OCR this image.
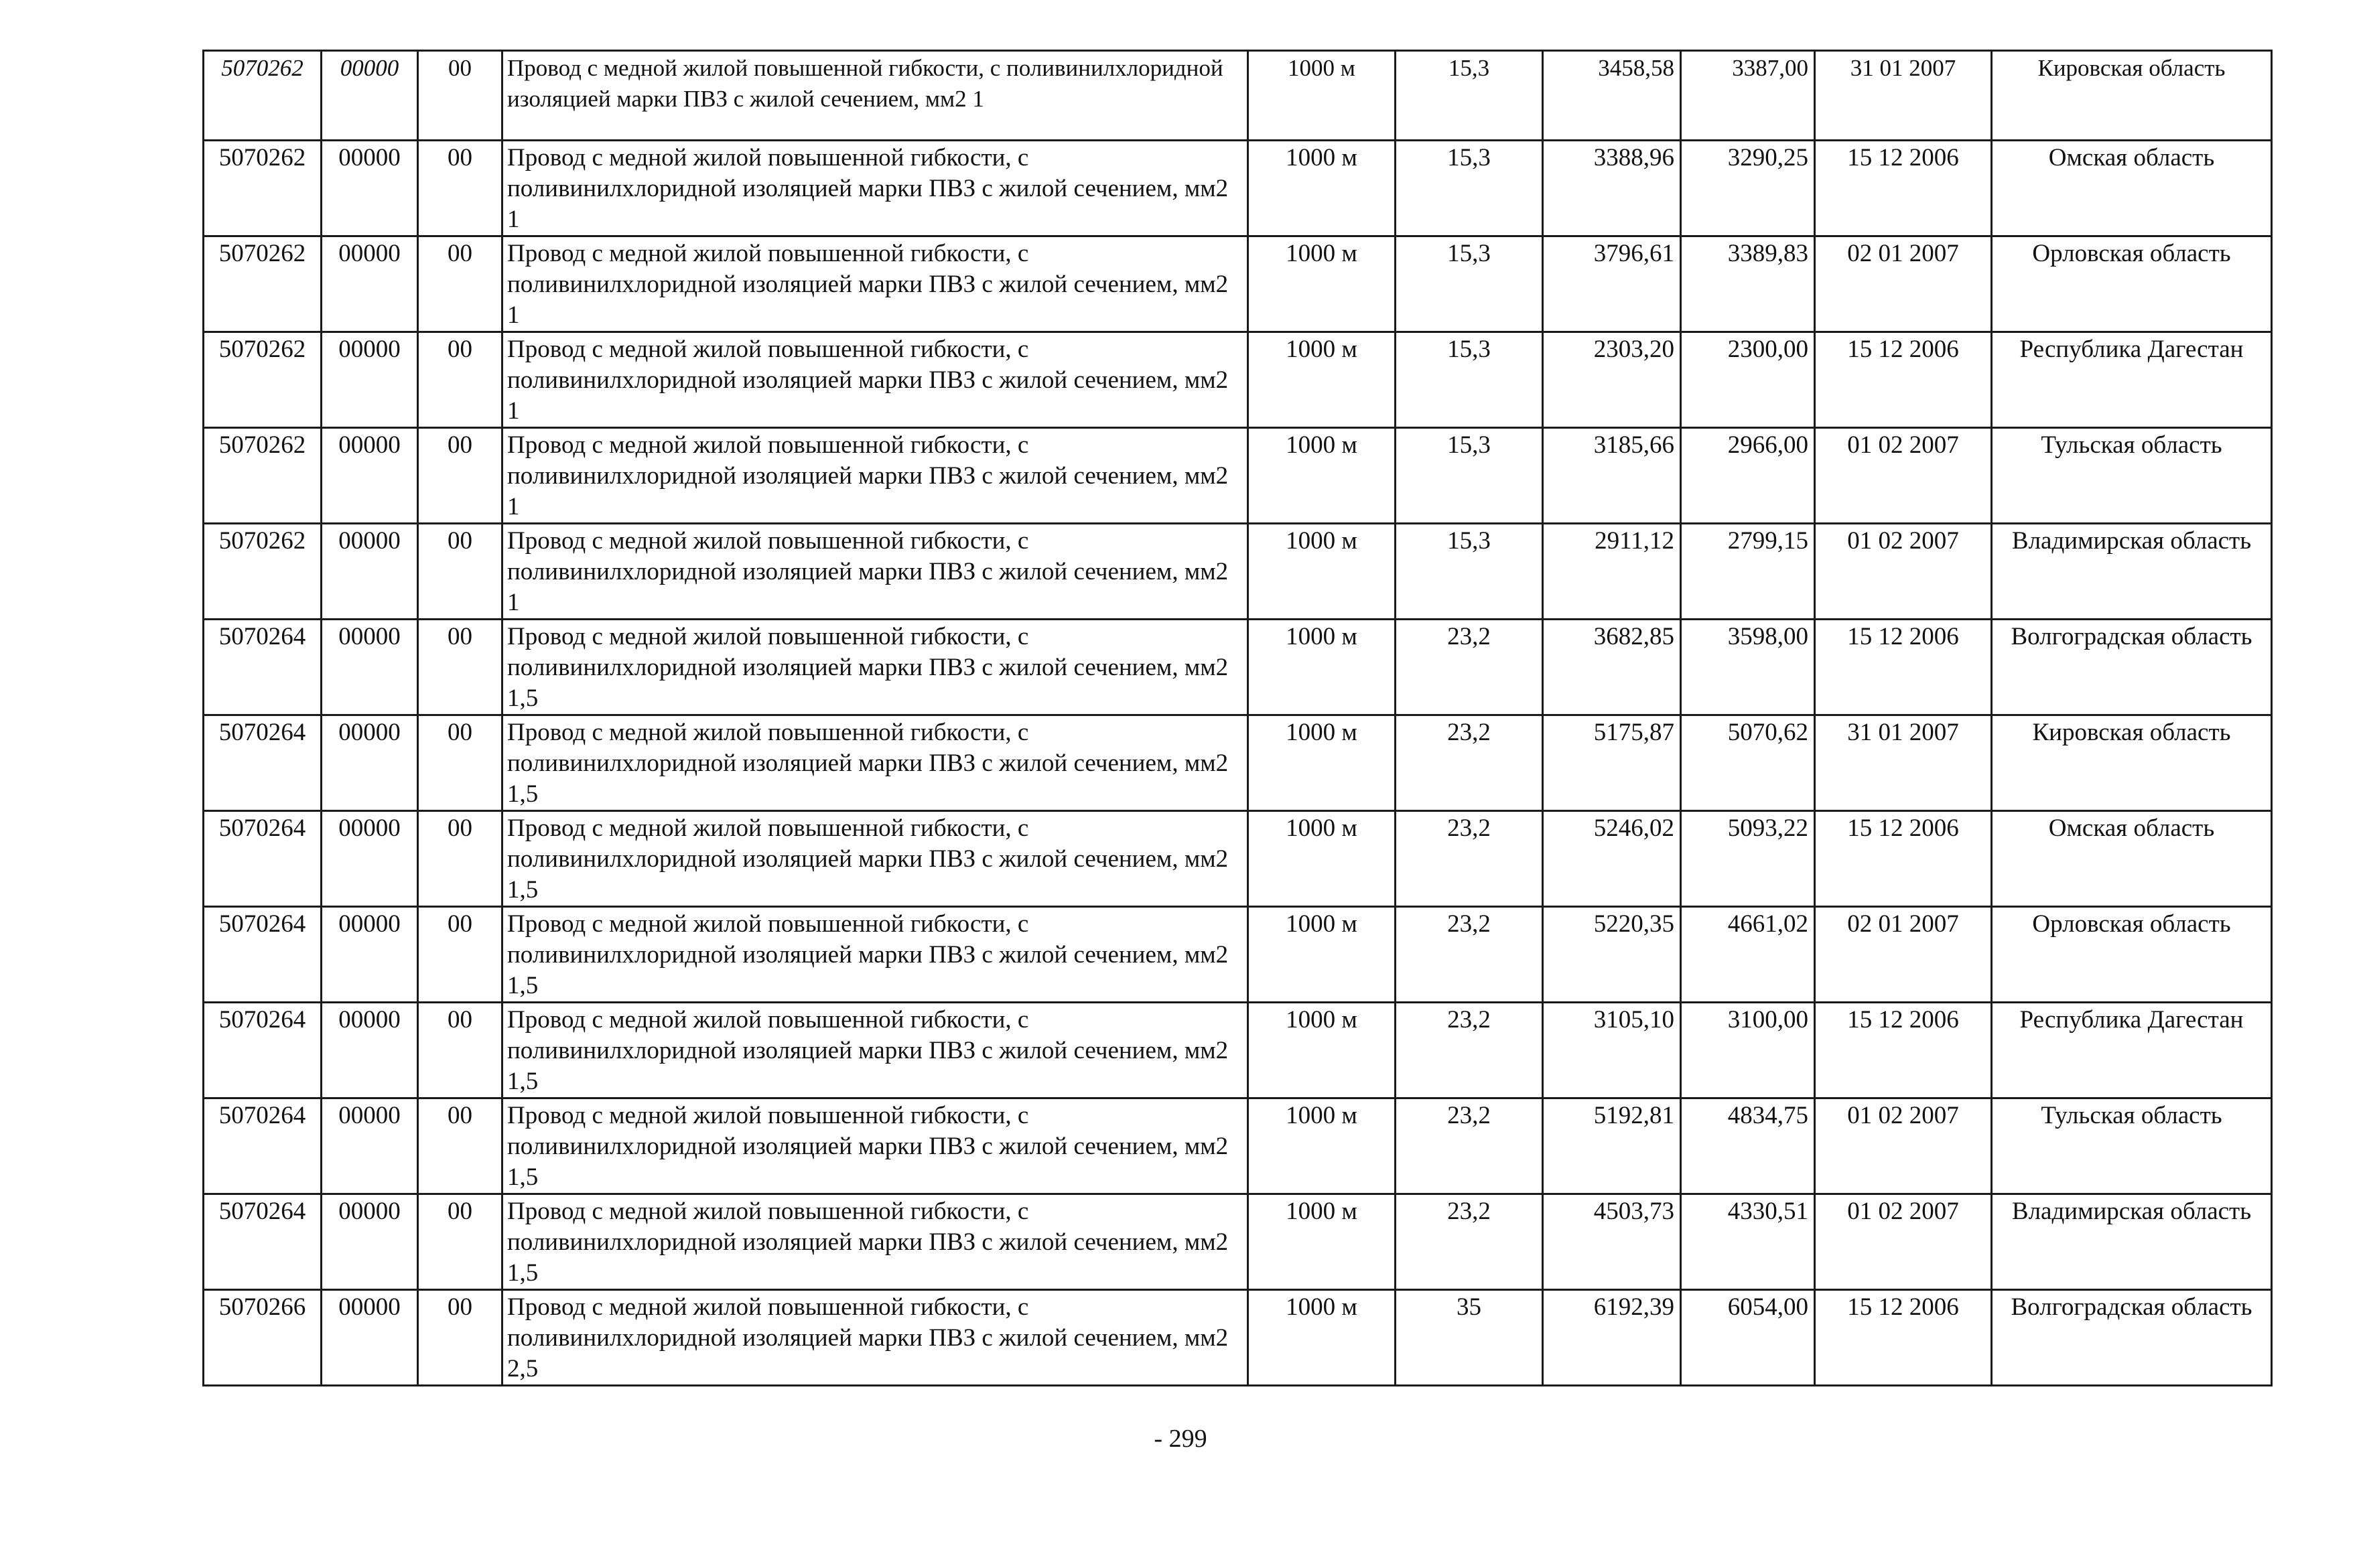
5070262	00000	00	Провод с медной жилой повышенной гибкости, с поливинилхлоридной изоляцией марки ПВЗ с жилой сечением, мм2 1	1000 м	15,3	3458,58	3387,00	31 01 2007	Кировская область
5070262	00000	00	Провод с медной жилой повышенной гибкости, с поливинилхлоридной изоляцией марки ПВЗ с жилой сечением, мм2 1	1000 м	15,3	3388,96	3290,25	15 12 2006	Омская область
5070262	00000	00	Провод с медной жилой повышенной гибкости, с поливинилхлоридной изоляцией марки ПВЗ с жилой сечением, мм2 1	1000 м	15,3	3796,61	3389,83	02 01 2007	Орловская область
5070262	00000	00	Провод с медной жилой повышенной гибкости, с поливинилхлоридной изоляцией марки ПВЗ с жилой сечением, мм2 1	1000 м	15,3	2303,20	2300,00	15 12 2006	Республика Дагестан
5070262	00000	00	Провод с медной жилой повышенной гибкости, с поливинилхлоридной изоляцией марки ПВЗ с жилой сечением, мм2 1	1000 м	15,3	3185,66	2966,00	01 02 2007	Тульская область
5070262	00000	00	Провод с медной жилой повышенной гибкости, с поливинилхлоридной изоляцией марки ПВЗ с жилой сечением, мм2 1	1000 м	15,3	2911,12	2799,15	01 02 2007	Владимирская область
5070264	00000	00	Провод с медной жилой повышенной гибкости, с поливинилхлоридной изоляцией марки ПВЗ с жилой сечением, мм2 1,5	1000 м	23,2	3682,85	3598,00	15 12 2006	Волгоградская область
5070264	00000	00	Провод с медной жилой повышенной гибкости, с поливинилхлоридной изоляцией марки ПВЗ с жилой сечением, мм2 1,5	1000 м	23,2	5175,87	5070,62	31 01 2007	Кировская область
5070264	00000	00	Провод с медной жилой повышенной гибкости, с поливинилхлоридной изоляцией марки ПВЗ с жилой сечением, мм2 1,5	1000 м	23,2	5246,02	5093,22	15 12 2006	Омская область
5070264	00000	00	Провод с медной жилой повышенной гибкости, с поливинилхлоридной изоляцией марки ПВЗ с жилой сечением, мм2 1,5	1000 м	23,2	5220,35	4661,02	02 01 2007	Орловская область
5070264	00000	00	Провод с медной жилой повышенной гибкости, с поливинилхлоридной изоляцией марки ПВЗ с жилой сечением, мм2 1,5	1000 м	23,2	3105,10	3100,00	15 12 2006	Республика Дагестан
5070264	00000	00	Провод с медной жилой повышенной гибкости, с поливинилхлоридной изоляцией марки ПВЗ с жилой сечением, мм2 1,5	1000 м	23,2	5192,81	4834,75	01 02 2007	Тульская область
5070264	00000	00	Провод с медной жилой повышенной гибкости, с поливинилхлоридной изоляцией марки ПВЗ с жилой сечением, мм2 1,5	1000 м	23,2	4503,73	4330,51	01 02 2007	Владимирская область
5070266	00000	00	Провод с медной жилой повышенной гибкости, с поливинилхлоридной изоляцией марки ПВЗ с жилой сечением, мм2 2,5	1000 м	35	6192,39	6054,00	15 12 2006	Волгоградская область
- 299
